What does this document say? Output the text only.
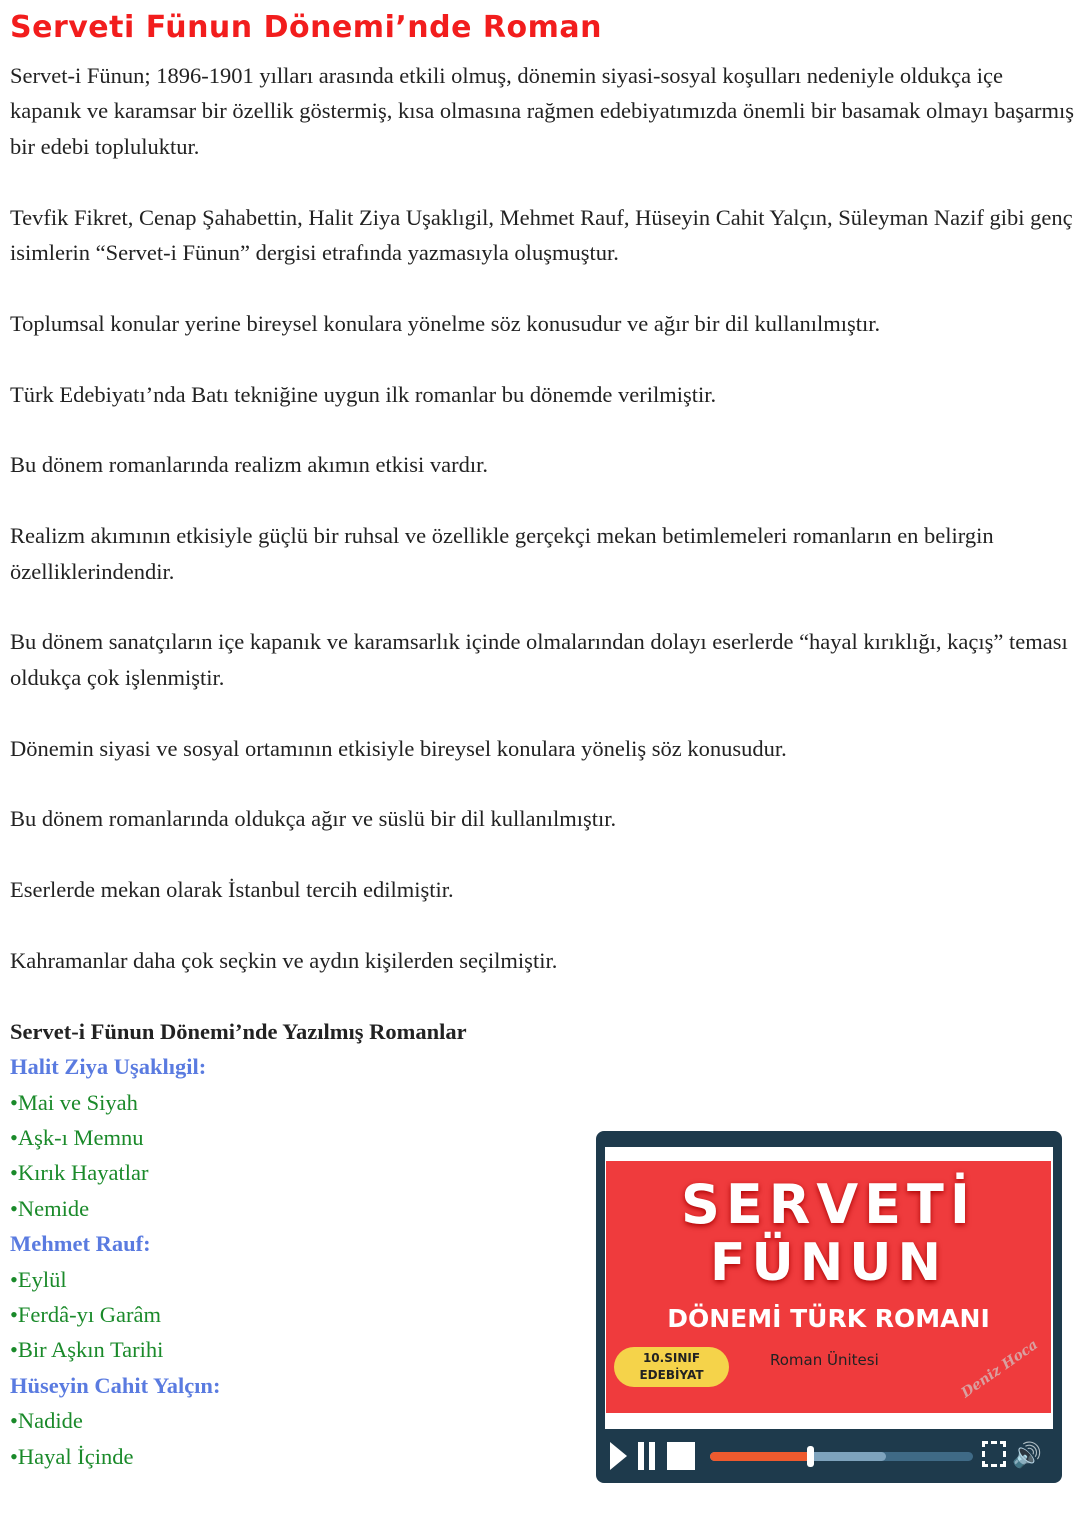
Serveti Fünun Dönemi’nde Roman

Servet-i Fünun; 1896-1901 yılları arasında etkili olmuş, dönemin siyasi-sosyal koşulları nedeniyle oldukça içe kapanık ve karamsar bir özellik göstermiş, kısa olmasına rağmen edebiyatımızda önemli bir basamak olmayı başarmış bir edebi topluluktur.

Tevfik Fikret, Cenap Şahabettin, Halit Ziya Uşaklıgil, Mehmet Rauf, Hüseyin Cahit Yalçın, Süleyman Nazif gibi genç isimlerin “Servet-i Fünun” dergisi etrafında yazmasıyla oluşmuştur.

Toplumsal konular yerine bireysel konulara yönelme söz konusudur ve ağır bir dil kullanılmıştır.

Türk Edebiyatı’nda Batı tekniğine uygun ilk romanlar bu dönemde verilmiştir.

Bu dönem romanlarında realizm akımın etkisi vardır.

Realizm akımının etkisiyle güçlü bir ruhsal ve özellikle gerçekçi mekan betimlemeleri romanların en belirgin özelliklerindendir.

Bu dönem sanatçıların içe kapanık ve karamsarlık içinde olmalarından dolayı eserlerde “hayal kırıklığı, kaçış” teması oldukça çok işlenmiştir.

Dönemin siyasi ve sosyal ortamının etkisiyle bireysel konulara yöneliş söz konusudur.

Bu dönem romanlarında oldukça ağır ve süslü bir dil kullanılmıştır.

Eserlerde mekan olarak İstanbul tercih edilmiştir.

Kahramanlar daha çok seçkin ve aydın kişilerden seçilmiştir.

Servet-i Fünun Dönemi’nde Yazılmış Romanlar
Halit Ziya Uşaklıgil:
•Mai ve Siyah
•Aşk-ı Memnu
•Kırık Hayatlar
•Nemide
Mehmet Rauf:
•Eylül
•Ferdâ-yı Garâm
•Bir Aşkın Tarihi
Hüseyin Cahit Yalçın:
•Nadide
•Hayal İçinde
SERVETİ
FÜNUN
DÖNEMİ TÜRK ROMANI
10.SINIF
EDEBİYAT
Roman Ünitesi	Deniz Hoca
🔊
